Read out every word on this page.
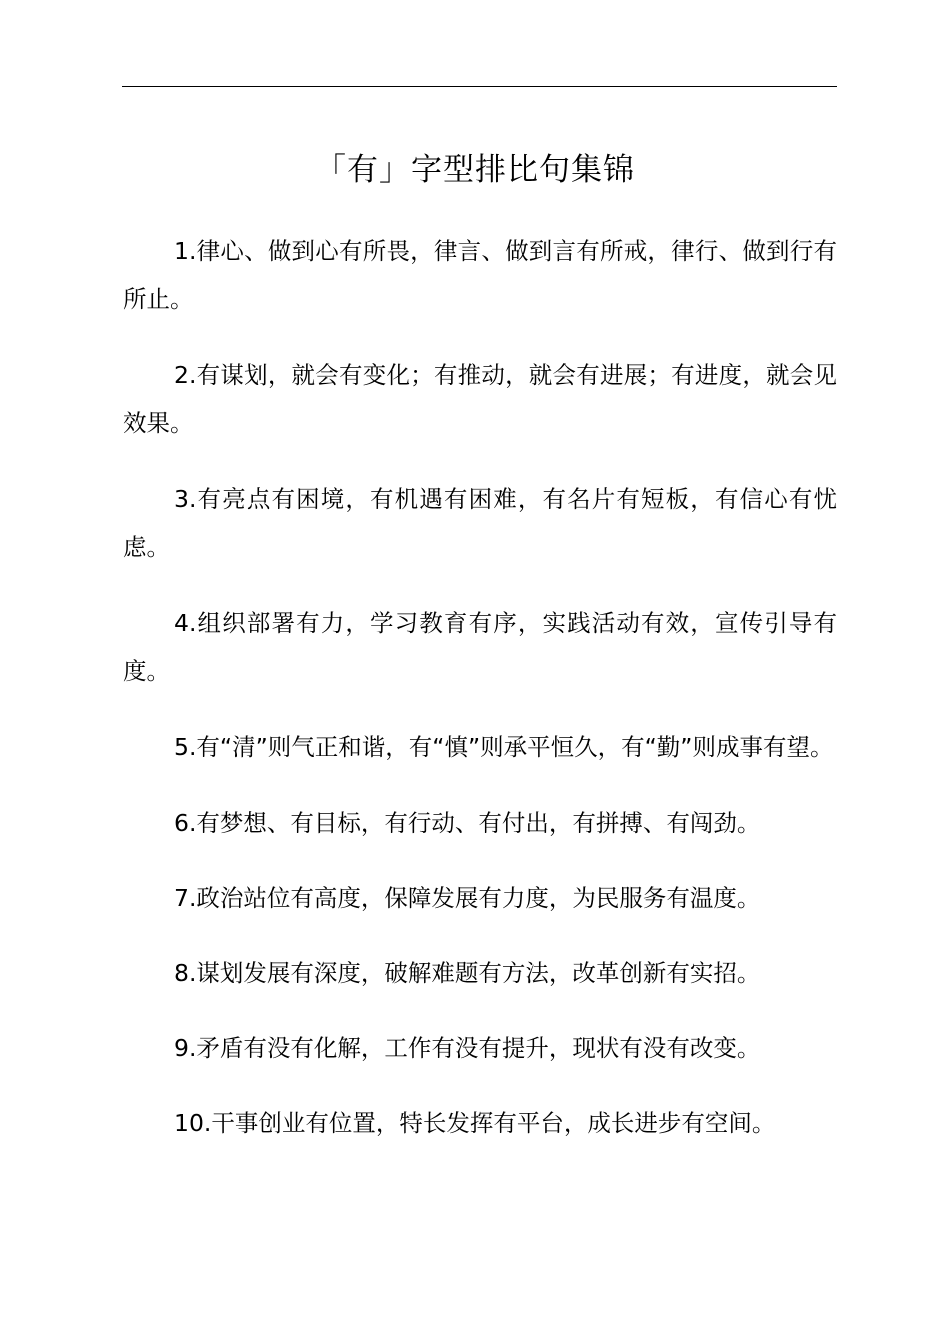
「有」字型排比句集锦

1.律心、做到心有所畏，律言、做到言有所戒，律行、做到行有所止。

2.有谋划，就会有变化；有推动，就会有进展；有进度，就会见效果。

3.有亮点有困境，有机遇有困难，有名片有短板，有信心有忧虑。

4.组织部署有力，学习教育有序，实践活动有效，宣传引导有度。

5.有“清”则气正和谐，有“慎”则承平恒久，有“勤”则成事有望。

6.有梦想、有目标，有行动、有付出，有拼搏、有闯劲。

7.政治站位有高度，保障发展有力度，为民服务有温度。

8.谋划发展有深度，破解难题有方法，改革创新有实招。

9.矛盾有没有化解，工作有没有提升，现状有没有改变。

10.干事创业有位置，特长发挥有平台，成长进步有空间。
